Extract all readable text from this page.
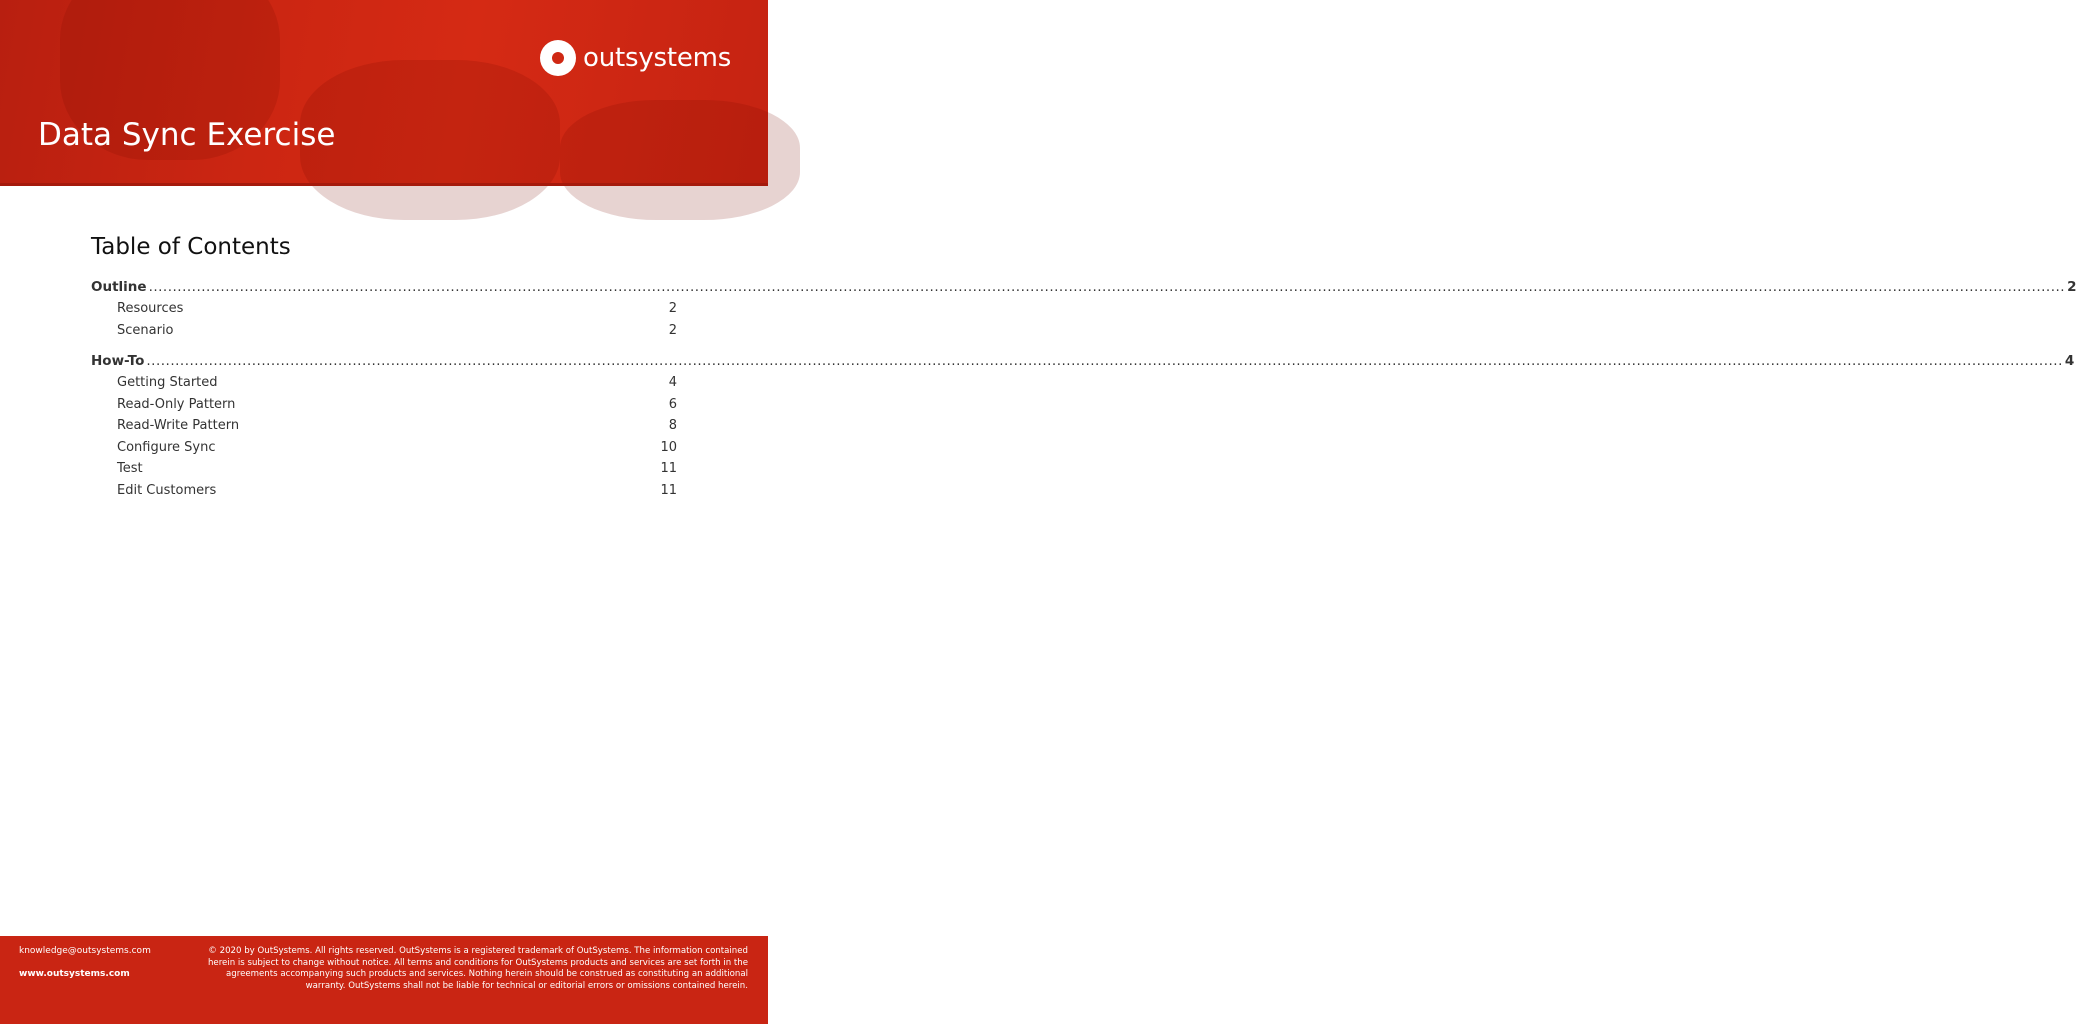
outsystems
Data Sync Exercise
Table of Contents
Outline ................................................................................................................................................................................................................................................................................................................................................................................................................ 2
Resources	2
Scenario	2
How-To ................................................................................................................................................................................................................................................................................................................................................................................................................ 4
Getting Started	4
Read-Only Pattern	6
Read-Write Pattern	8
Configure Sync	10
Test	11
Edit Customers	11
knowledge@outsystems.com
www.outsystems.com
© 2020 by OutSystems. All rights reserved. OutSystems is a registered trademark of OutSystems. The information contained herein is subject to change without notice. All terms and conditions for OutSystems products and services are set forth in the agreements accompanying such products and services. Nothing herein should be construed as constituting an additional warranty. OutSystems shall not be liable for technical or editorial errors or omissions contained herein.
